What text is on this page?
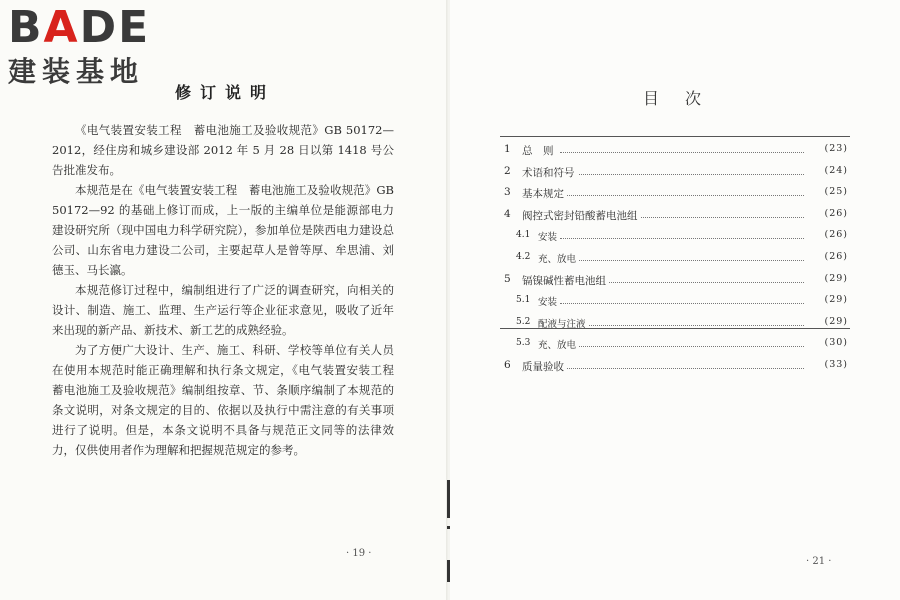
BADE
建装基地
修订说明

《电气装置安装工程　蓄电池施工及验收规范》GB 50172—2012，经住房和城乡建设部 2012 年 5 月 28 日以第 1418 号公告批准发布。

本规范是在《电气装置安装工程　蓄电池施工及验收规范》GB 50172—92 的基础上修订而成，上一版的主编单位是能源部电力建设研究所（现中国电力科学研究院），参加单位是陕西电力建设总公司、山东省电力建设二公司，主要起草人是曾等厚、牟思浦、刘德玉、马长瀛。

本规范修订过程中，编制组进行了广泛的调查研究，向相关的设计、制造、施工、监理、生产运行等企业征求意见，吸收了近年来出现的新产品、新技术、新工艺的成熟经验。

为了方便广大设计、生产、施工、科研、学校等单位有关人员在使用本规范时能正确理解和执行条文规定，《电气装置安装工程　蓄电池施工及验收规范》编制组按章、节、条顺序编制了本规范的条文说明，对条文规定的目的、依据以及执行中需注意的有关事项进行了说明。但是，本条文说明不具备与规范正文同等的法律效力，仅供使用者作为理解和把握规范规定的参考。

· 19 ·
目次
1 总　则	(23)
2 术语和符号	(24)
3 基本规定	(25)
4 阀控式密封铅酸蓄电池组	(26)
4.1 安装	(26)
4.2 充、放电	(26)
5 镉镍碱性蓄电池组	(29)
5.1 安装	(29)
5.2 配液与注液	(29)
5.3 充、放电	(30)
6 质量验收	(33)
· 21 ·
